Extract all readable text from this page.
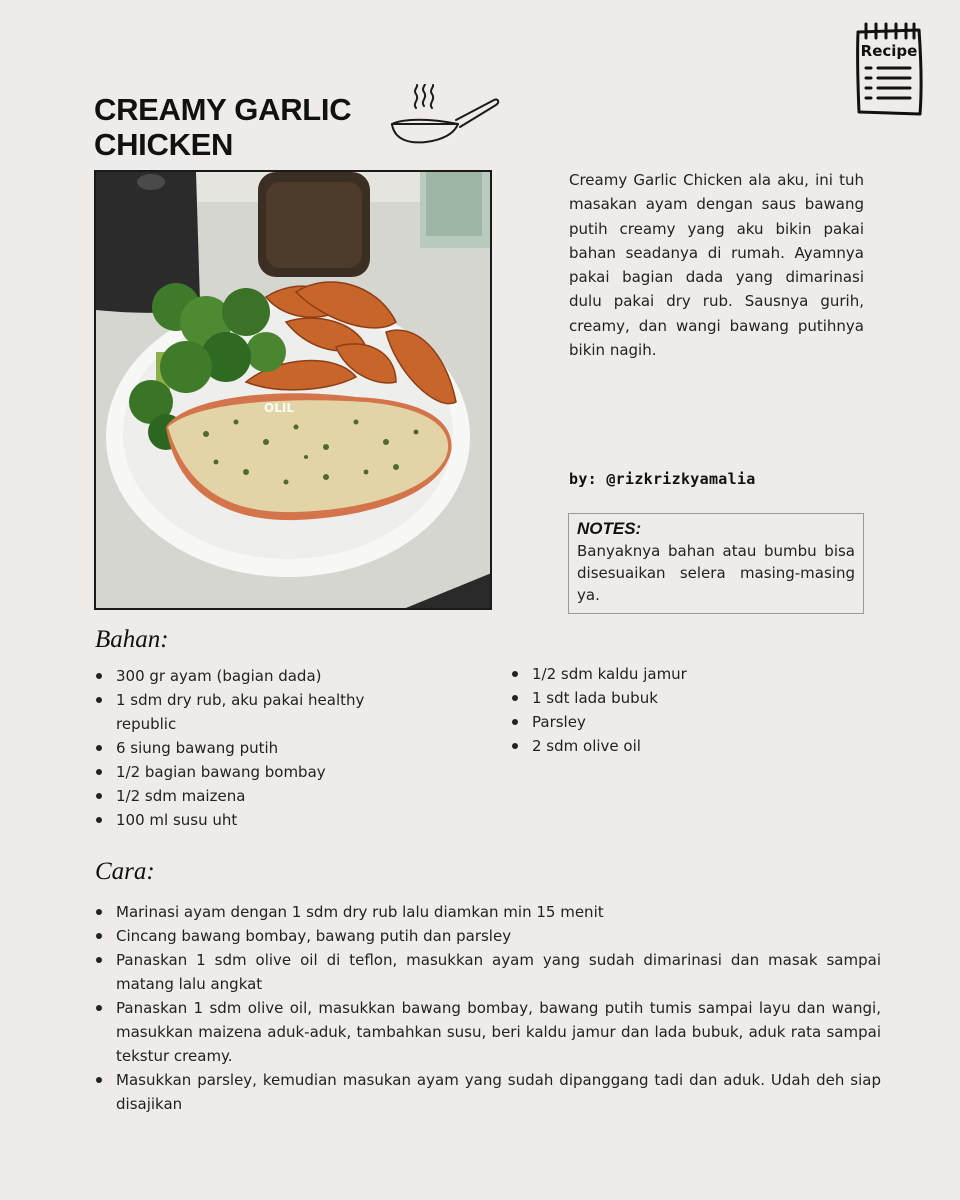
CREAMY GARLIC CHICKEN
Recipe
OLIL
Creamy Garlic Chicken ala aku, ini tuh masakan ayam dengan saus bawang putih creamy yang aku bikin pakai bahan seadanya di rumah. Ayamnya pakai bagian dada yang dimarinasi dulu pakai dry rub. Sausnya gurih, creamy, dan wangi bawang putihnya bikin nagih.
by: @rizkrizkyamalia
NOTES:
Banyaknya bahan atau bumbu bisa disesuaikan selera masing-masing ya.
Bahan:
300 gr ayam (bagian dada)
1 sdm dry rub, aku pakai healthy republic
6 siung bawang putih
1/2 bagian bawang bombay
1/2 sdm maizena
100 ml susu uht
1/2 sdm kaldu jamur
1 sdt lada bubuk
Parsley
2 sdm olive oil
Cara:
Marinasi ayam dengan 1 sdm dry rub lalu diamkan min 15 menit
Cincang bawang bombay, bawang putih dan parsley
Panaskan 1 sdm olive oil di teflon, masukkan ayam yang sudah dimarinasi dan masak sampai matang lalu angkat
Panaskan 1 sdm olive oil, masukkan bawang bombay, bawang putih tumis sampai layu dan wangi, masukkan maizena aduk-aduk, tambahkan susu, beri kaldu jamur dan lada bubuk, aduk rata sampai tekstur creamy.
Masukkan parsley, kemudian masukan ayam yang sudah dipanggang tadi dan aduk. Udah deh siap disajikan
